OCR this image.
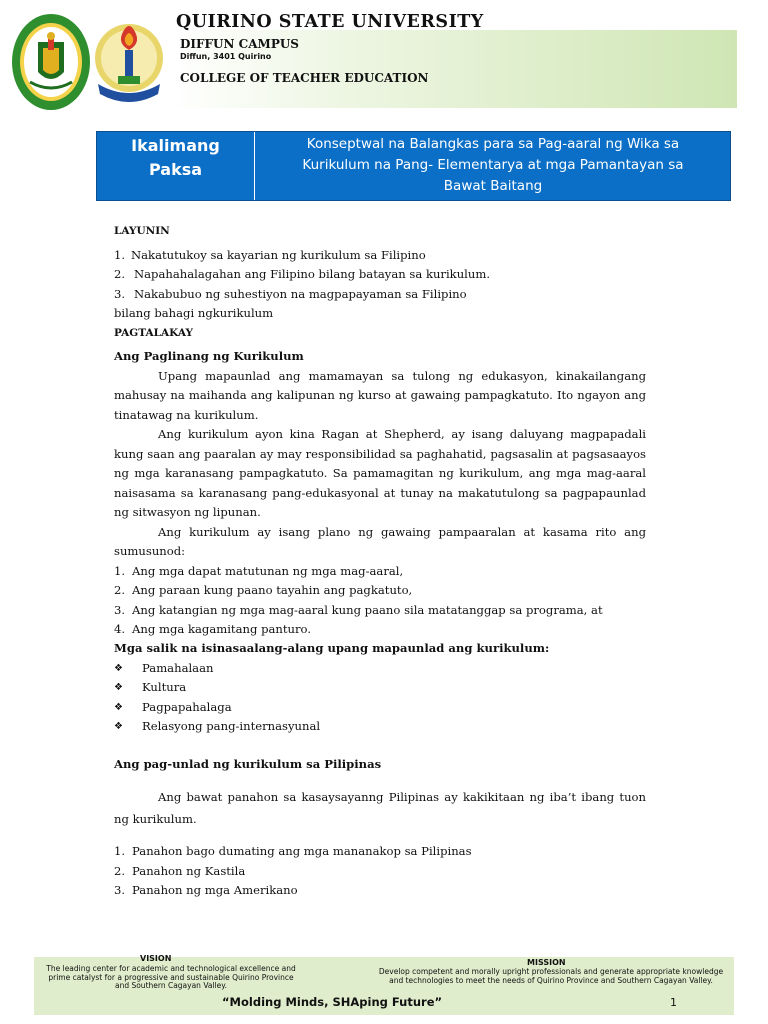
QUIRINO STATE UNIVERSITY
DIFFUN CAMPUS
Diffun, 3401 Quirino
COLLEGE OF TEACHER EDUCATION
Ikalimang
Paksa
Konseptwal na Balangkas para sa Pag-aaral ng Wika sa
Kurikulum na Pang- Elementarya at mga Pamantayan sa
Bawat Baitang

LAYUNIN

1. Nakatutukoy sa kayarian ng kurikulum sa Filipino
2. Napahahalagahan ang Filipino bilang batayan sa kurikulum.
3. Nakabubuo ng suhestiyon na magpapayaman sa Filipino

bilang bahagi ngkurikulum

PAGTALAKAY

Ang Paglinang ng Kurikulum

Upang mapaunlad ang mamamayan sa tulong ng edukasyon, kinakailangang mahusay na maihanda ang kalipunan ng kurso at gawaing pampagkatuto. Ito ngayon ang tinatawag na kurikulum.

Ang kurikulum ayon kina Ragan at Shepherd, ay isang daluyang magpapadali kung saan ang paaralan ay may responsibilidad sa paghahatid, pagsasalin at pagsasaayos ng mga karanasang pampagkatuto. Sa pamamagitan ng kurikulum, ang mga mag-aaral naisasama sa karanasang pang-edukasyonal at tunay na makatutulong sa pagpapaunlad ng sitwasyon ng lipunan.

Ang kurikulum ay isang plano ng gawaing pampaaralan at kasama rito ang sumusunod:

1. Ang mga dapat matutunan ng mga mag-aaral,
2. Ang paraan kung paano tayahin ang pagkatuto,
3. Ang katangian ng mga mag-aaral kung paano sila matatanggap sa programa, at
4. Ang mga kagamitang panturo.

Mga salik na isinasaalang-alang upang mapaunlad ang kurikulum:

❖	Pamahalaan
❖	Kultura
❖	Pagpapahalaga
❖	Relasyong pang-internasyunal

Ang pag-unlad ng kurikulum sa Pilipinas

Ang bawat panahon sa kasaysayanng Pilipinas ay kakikitaan ng iba’t ibang tuon ng kurikulum.

1. Panahon bago dumating ang mga mananakop sa Pilipinas
2. Panahon ng Kastila
3. Panahon ng mga Amerikano
VISION
The leading center for academic and technological excellence and prime catalyst for a progressive and sustainable Quirino Province and Southern Cagayan Valley.
MISSION
Develop competent and morally upright professionals and generate appropriate knowledge and technologies to meet the needs of Quirino Province and Southern Cagayan Valley.
“Molding Minds, SHAping Future”	1
